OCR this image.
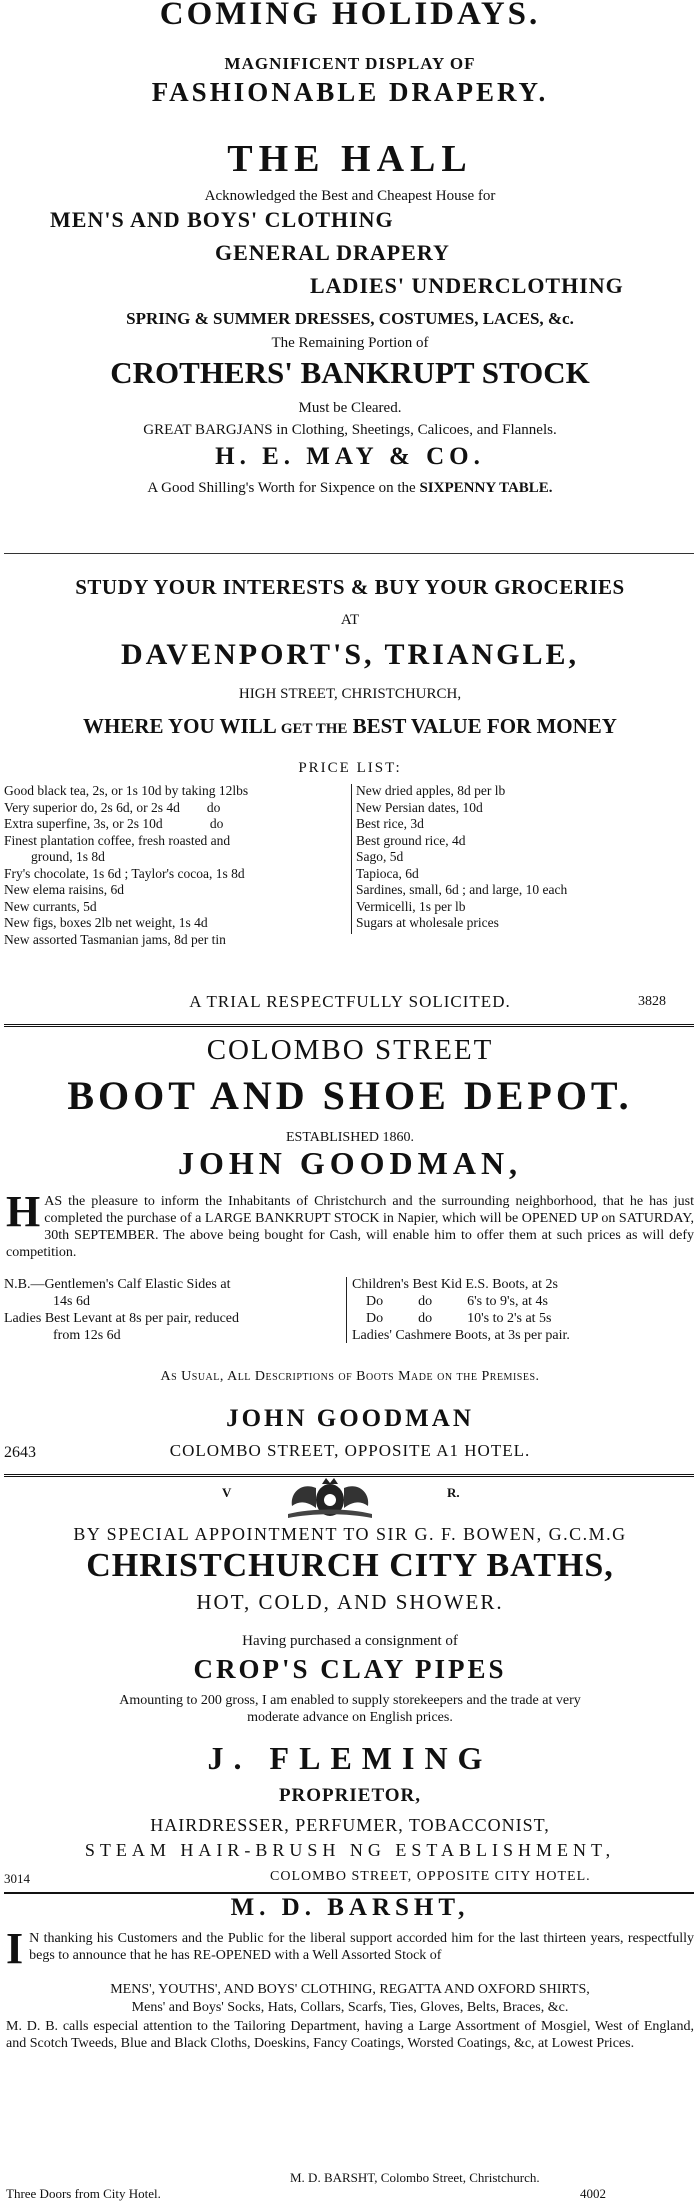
COMING HOLIDAYS.
MAGNIFICENT DISPLAY OF
FASHIONABLE DRAPERY.
THE HALL
Acknowledged the Best and Cheapest House for
MEN'S AND BOYS' CLOTHING
GENERAL DRAPERY
LADIES' UNDERCLOTHING
SPRING & SUMMER DRESSES, COSTUMES, LACES, &c.
The Remaining Portion of
CROTHERS' BANKRUPT STOCK
Must be Cleared.
GREAT BARGJANS in Clothing, Sheetings, Calicoes, and Flannels.
H. E. MAY & CO.
A Good Shilling's Worth for Sixpence on the SIXPENNY TABLE.
STUDY YOUR INTERESTS & BUY YOUR GROCERIES
AT
DAVENPORT'S, TRIANGLE,
HIGH STREET, CHRISTCHURCH,
WHERE YOU WILL GET THE BEST VALUE FOR MONEY
PRICE LIST:
Good black tea, 2s, or 1s 10d by taking 12lbs
Very superior do, 2s 6d, or 2s 4d        do
Extra superfine, 3s, or 2s 10d              do
Finest plantation coffee, fresh roasted and
ground, 1s 8d
Fry's chocolate, 1s 6d ; Taylor's cocoa, 1s 8d
New elema raisins, 6d
New currants, 5d
New figs, boxes 2lb net weight, 1s 4d
New assorted Tasmanian jams, 8d per tin
New dried apples, 8d per lb
New Persian dates, 10d
Best rice, 3d
Best ground rice, 4d
Sago, 5d
Tapioca, 6d
Sardines, small, 6d ; and large, 10 each
Vermicelli, 1s per lb
Sugars at wholesale prices
A TRIAL RESPECTFULLY SOLICITED.	3828
COLOMBO STREET
BOOT AND SHOE DEPOT.
ESTABLISHED 1860.
JOHN GOODMAN,
HAS the pleasure to inform the Inhabitants of Christchurch and the surrounding neighborhood, that he has just completed the purchase of a LARGE BANKRUPT STOCK in Napier, which will be OPENED UP on SATURDAY, 30th SEPTEMBER. The above being bought for Cash, will enable him to offer them at such prices as will defy competition.
N.B.—Gentlemen's Calf Elastic Sides at
14s 6d
Ladies Best Levant at 8s per pair, reduced
from 12s 6d
Children's Best Kid E.S. Boots, at 2s
Do          do          6's to 9's, at 4s
Do          do          10's to 2's at 5s
Ladies' Cashmere Boots, at 3s per pair.
As Usual, All Descriptions of Boots Made on the Premises.
JOHN GOODMAN
2643	COLOMBO STREET, OPPOSITE A1 HOTEL.
V	R.
BY SPECIAL APPOINTMENT TO SIR G. F. BOWEN, G.C.M.G
CHRISTCHURCH CITY BATHS,
HOT, COLD, AND SHOWER.
Having purchased a consignment of
CROP'S CLAY PIPES
Amounting to 200 gross, I am enabled to supply storekeepers and the trade at very
moderate advance on English prices.
J. FLEMING
PROPRIETOR,
HAIRDRESSER, PERFUMER, TOBACCONIST,
STEAM HAIR-BRUSH NG ESTABLISHMENT,
3014	COLOMBO STREET, OPPOSITE CITY HOTEL.
M. D. BARSHT,
I N thanking his Customers and the Public for the liberal support accorded him for the last thirteen years, respectfully begs to announce that he has RE-OPENED with a Well Assorted Stock of
MENS', YOUTHS', AND BOYS' CLOTHING, REGATTA AND OXFORD SHIRTS,
Mens' and Boys' Socks, Hats, Collars, Scarfs, Ties, Gloves, Belts, Braces, &c.
M. D. B. calls especial attention to the Tailoring Department, having a Large Assortment of Mosgiel, West of England, and Scotch Tweeds, Blue and Black Cloths, Doeskins, Fancy Coatings, Worsted Coatings, &c, at Lowest Prices.
M. D. BARSHT, Colombo Street, Christchurch.
Three Doors from City Hotel.	4002
